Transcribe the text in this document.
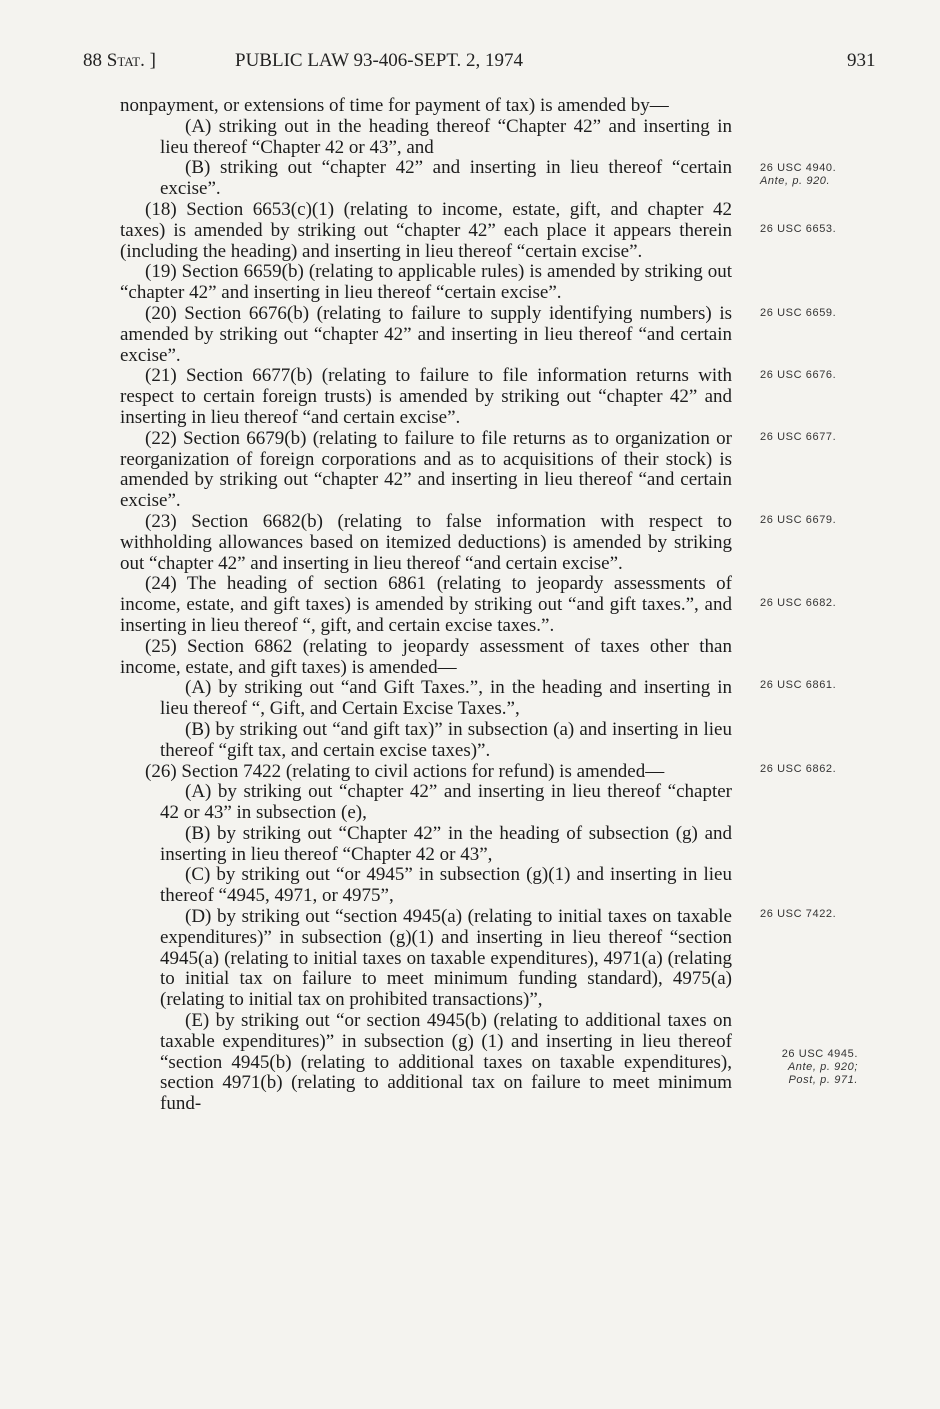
88 Stat. ]	PUBLIC LAW 93-406-SEPT. 2, 1974	931

nonpayment, or extensions of time for payment of tax) is amended by—

(A) striking out in the heading thereof “Chapter 42” and inserting in lieu thereof “Chapter 42 or 43”, and

(B) striking out “chapter 42” and inserting in lieu thereof “certain excise”.

(18) Section 6653(c)(1) (relating to income, estate, gift, and chapter 42 taxes) is amended by striking out “chapter 42” each place it appears therein (including the heading) and inserting in lieu thereof “certain excise”.

(19) Section 6659(b) (relating to applicable rules) is amended by striking out “chapter 42” and inserting in lieu thereof “certain excise”.

(20) Section 6676(b) (relating to failure to supply identifying numbers) is amended by striking out “chapter 42” and inserting in lieu thereof “and certain excise”.

(21) Section 6677(b) (relating to failure to file information returns with respect to certain foreign trusts) is amended by striking out “chapter 42” and inserting in lieu thereof “and certain excise”.

(22) Section 6679(b) (relating to failure to file returns as to organization or reorganization of foreign corporations and as to acquisitions of their stock) is amended by striking out “chapter 42” and inserting in lieu thereof “and certain excise”.

(23) Section 6682(b) (relating to false information with respect to withholding allowances based on itemized deductions) is amended by striking out “chapter 42” and inserting in lieu thereof “and certain excise”.

(24) The heading of section 6861 (relating to jeopardy assessments of income, estate, and gift taxes) is amended by striking out “and gift taxes.”, and inserting in lieu thereof “, gift, and certain excise taxes.”.

(25) Section 6862 (relating to jeopardy assessment of taxes other than income, estate, and gift taxes) is amended—

(A) by striking out “and Gift Taxes.”, in the heading and inserting in lieu thereof “, Gift, and Certain Excise Taxes.”,

(B) by striking out “and gift tax)” in subsection (a) and inserting in lieu thereof “gift tax, and certain excise taxes)”.

(26) Section 7422 (relating to civil actions for refund) is amended—

(A) by striking out “chapter 42” and inserting in lieu thereof “chapter 42 or 43” in subsection (e),

(B) by striking out “Chapter 42” in the heading of subsection (g) and inserting in lieu thereof “Chapter 42 or 43”,

(C) by striking out “or 4945” in subsection (g)(1) and inserting in lieu thereof “4945, 4971, or 4975”,

(D) by striking out “section 4945(a) (relating to initial taxes on taxable expenditures)” in subsection (g)(1) and inserting in lieu thereof “section 4945(a) (relating to initial taxes on taxable expenditures), 4971(a) (relating to initial tax on failure to meet minimum funding standard), 4975(a) (relating to initial tax on prohibited transactions)”,

(E) by striking out “or section 4945(b) (relating to additional taxes on taxable expenditures)” in subsection (g) (1) and inserting in lieu thereof “section 4945(b) (relating to additional taxes on taxable expenditures), section 4971(b) (relating to additional tax on failure to meet minimum fund-

26 USC 4940.
Ante, p. 920.
26 USC 6653.
26 USC 6659.
26 USC 6676.
26 USC 6677.
26 USC 6679.
26 USC 6682.
26 USC 6861.
26 USC 6862.
26 USC 7422.
26 USC 4945.
Ante, p. 920;
Post, p. 971.
